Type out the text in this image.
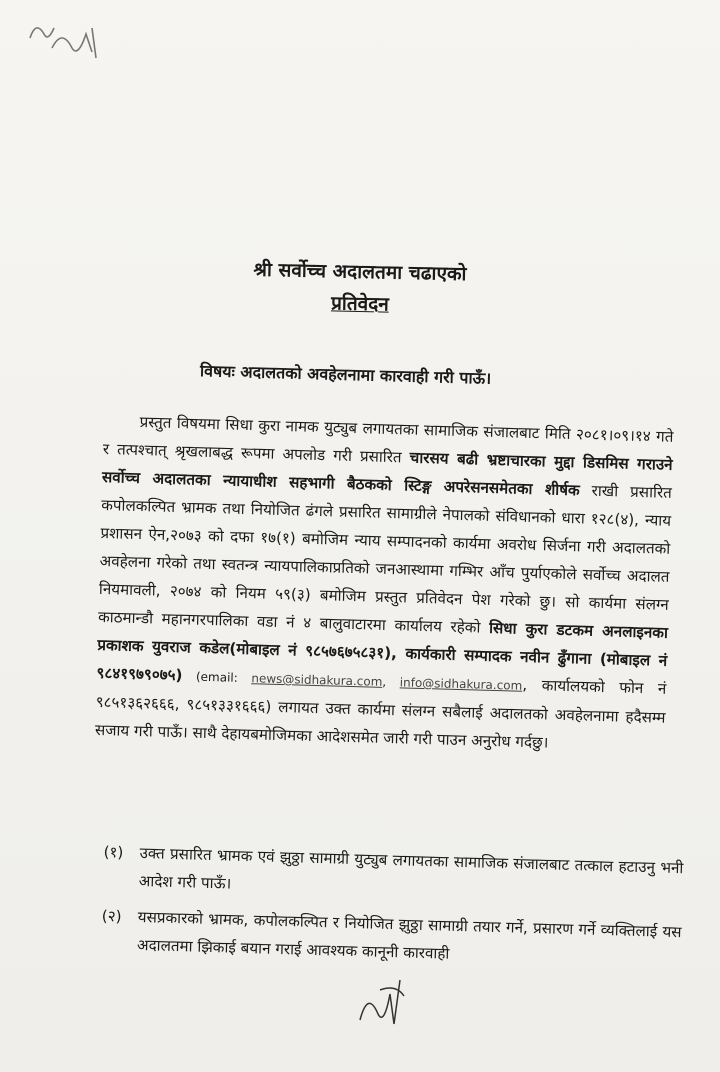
श्री सर्वोच्च अदालतमा चढाएको
प्रतिवेदन
विषयः अदालतको अवहेलनामा कारवाही गरी पाऊँ।
प्रस्तुत विषयमा सिधा कुरा नामक युट्युब लगायतका सामाजिक संजालबाट मिति २०८१।०९।१४ गते र तत्पश्चात् श्रृखलाबद्ध रूपमा अपलोड गरी प्रसारित चारसय बढी भ्रष्टाचारका मुद्दा डिसमिस गराउने सर्वोच्च अदालतका न्यायाधीश सहभागी बैठकको स्टिङ्ग अपरेसनसमेतका शीर्षक राखी प्रसारित कपोलकल्पित भ्रामक तथा नियोजित ढंगले प्रसारित सामाग्रीले नेपालको संविधानको धारा १२८(४), न्याय प्रशासन ऐन,२०७३ को दफा १७(१) बमोजिम न्याय सम्पादनको कार्यमा अवरोध सिर्जना गरी अदालतको अवहेलना गरेको तथा स्वतन्त्र न्यायपालिकाप्रतिको जनआस्थामा गम्भिर आँच पुर्याएकोले सर्वोच्च अदालत नियमावली, २०७४ को नियम ५९(३) बमोजिम प्रस्तुत प्रतिवेदन पेश गरेको छु। सो कार्यमा संलग्न काठमान्डौ महानगरपालिका वडा नं ४ बालुवाटारमा कार्यालय रहेको सिधा कुरा डटकम अनलाइनका प्रकाशक युवराज कडेल(मोबाइल नं ९८५७६७५८३१), कार्यकारी सम्पादक नवीन ढुँगाना (मोबाइल नं ९८४१९७९०७५) (email: news@sidhakura.com, info@sidhakura.com, कार्यालयको फोन नं ९८५१३६२६६६, ९८५१३३१६६६) लगायत उक्त कार्यमा संलग्न सबैलाई अदालतको अवहेलनामा हदैसम्म सजाय गरी पाऊँ। साथै देहायबमोजिमका आदेशसमेत जारी गरी पाउन अनुरोध गर्दछु।
(१)	उक्त प्रसारित भ्रामक एवं झुठ्ठा सामाग्री युट्युब लगायतका सामाजिक संजालबाट तत्काल हटाउनु भनी आदेश गरी पाऊँ।
(२)	यसप्रकारको भ्रामक, कपोलकल्पित र नियोजित झुठ्ठा सामाग्री तयार गर्ने, प्रसारण गर्ने व्यक्तिलाई यस अदालतमा झिकाई बयान गराई आवश्यक कानूनी कारवाही
